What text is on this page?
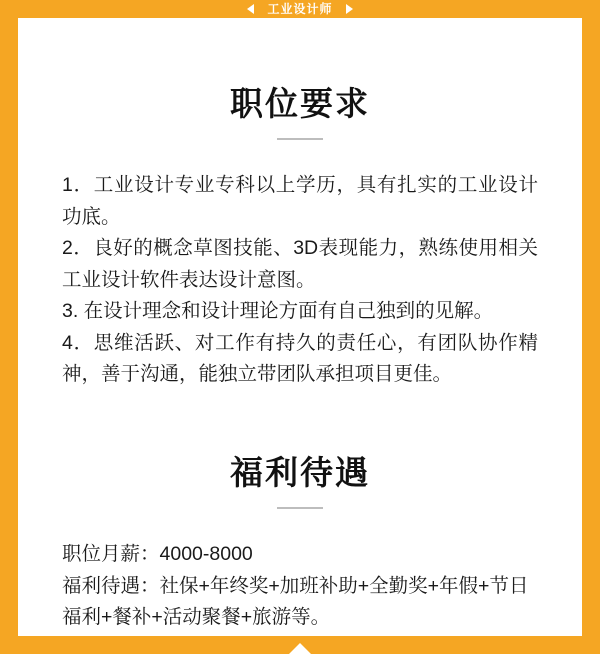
工业设计师
职位要求
1．工业设计专业专科以上学历，具有扎实的工业设计功底。
2．良好的概念草图技能、3D表现能力，熟练使用相关工业设计软件表达设计意图。
3. 在设计理念和设计理论方面有自己独到的见解。
4．思维活跃、对工作有持久的责任心，有团队协作精神，善于沟通，能独立带团队承担项目更佳。
福利待遇
职位月薪：4000-8000
福利待遇：社保+年终奖+加班补助+全勤奖+年假+节日福利+餐补+活动聚餐+旅游等。
